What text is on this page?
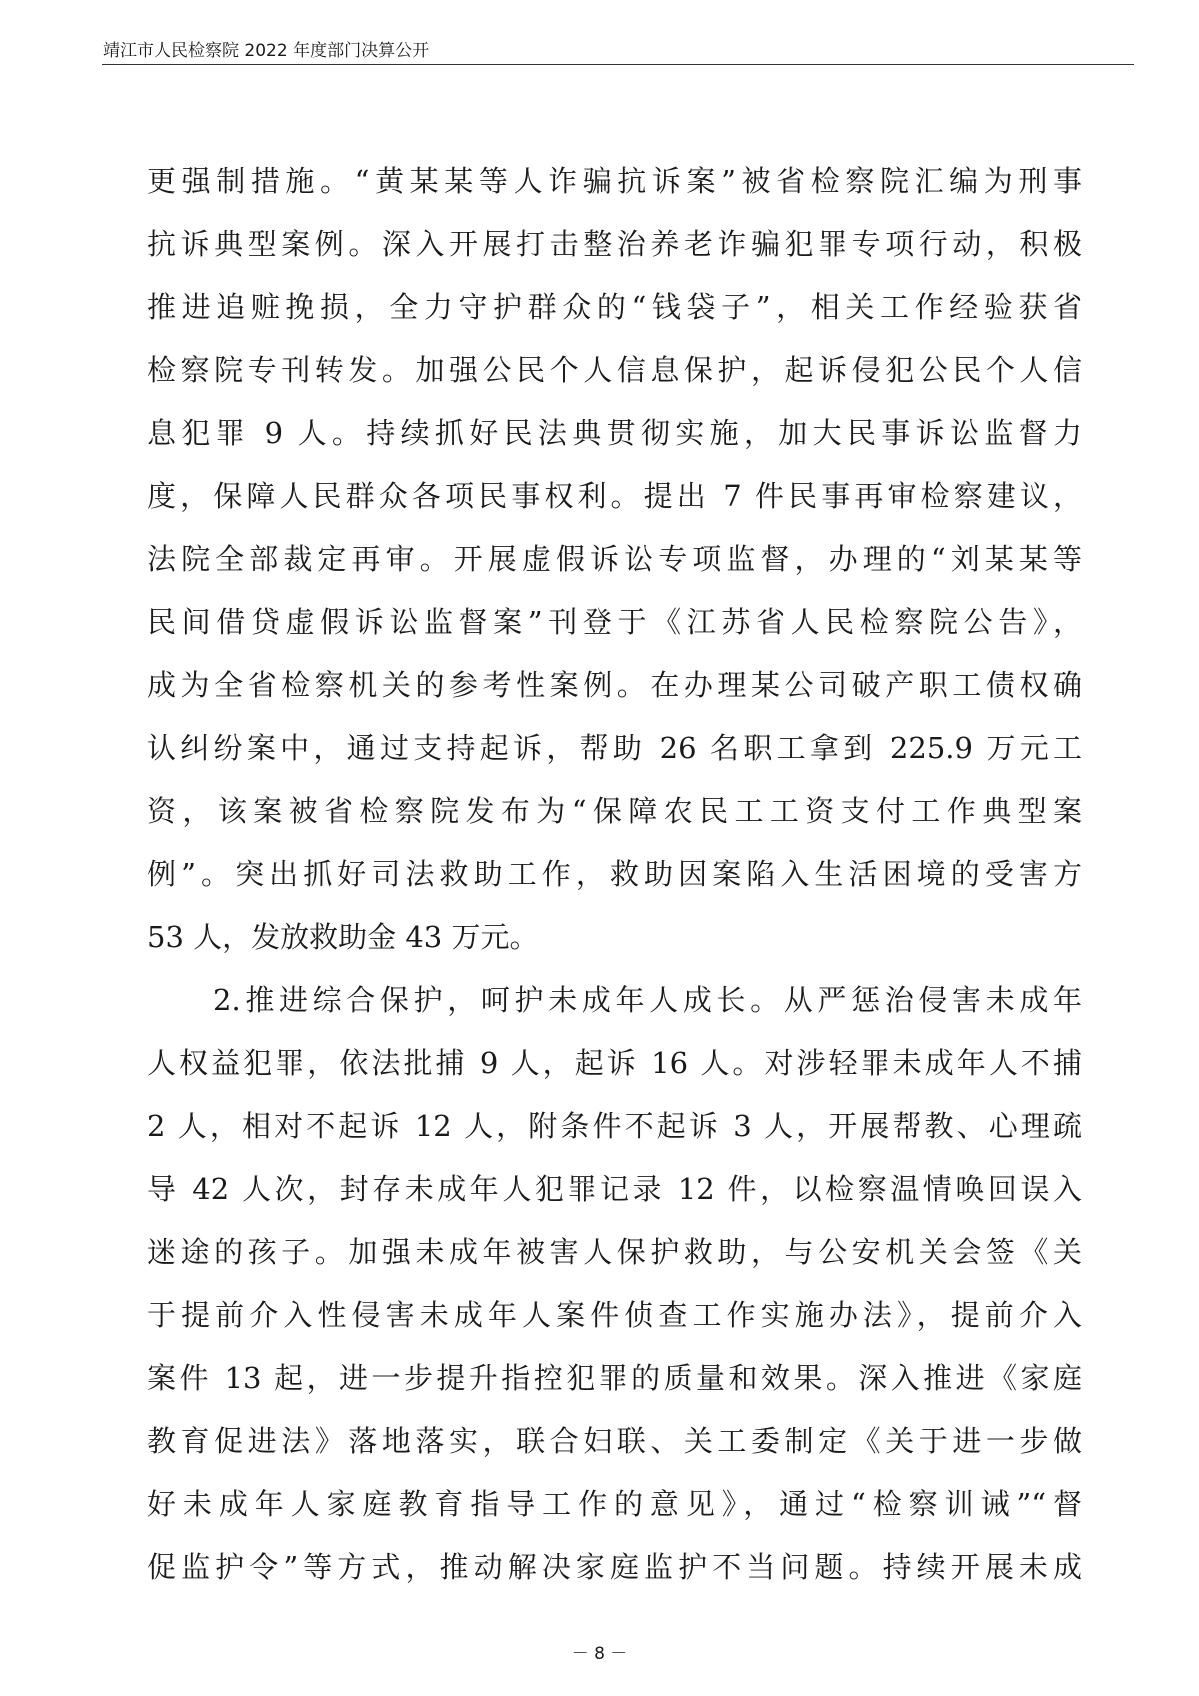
靖江市人民检察院 2022 年度部门决算公开
更强制措施。“黄某某等人诈骗抗诉案”被省检察院汇编为刑事
抗诉典型案例。深入开展打击整治养老诈骗犯罪专项行动，积极
推进追赃挽损，全力守护群众的“钱袋子”，相关工作经验获省
检察院专刊转发。加强公民个人信息保护，起诉侵犯公民个人信
息犯罪 9 人。持续抓好民法典贯彻实施，加大民事诉讼监督力
度，保障人民群众各项民事权利。提出 7 件民事再审检察建议，
法院全部裁定再审。开展虚假诉讼专项监督，办理的“刘某某等
民间借贷虚假诉讼监督案”刊登于《江苏省人民检察院公告》，
成为全省检察机关的参考性案例。在办理某公司破产职工债权确
认纠纷案中，通过支持起诉，帮助 26 名职工拿到 225.9 万元工
资，该案被省检察院发布为“保障农民工工资支付工作典型案
例”。突出抓好司法救助工作，救助因案陷入生活困境的受害方
53 人，发放救助金 43 万元。
2.推进综合保护，呵护未成年人成长。从严惩治侵害未成年
人权益犯罪，依法批捕 9 人，起诉 16 人。对涉轻罪未成年人不捕
2 人，相对不起诉 12 人，附条件不起诉 3 人，开展帮教、心理疏
导 42 人次，封存未成年人犯罪记录 12 件，以检察温情唤回误入
迷途的孩子。加强未成年被害人保护救助，与公安机关会签《关
于提前介入性侵害未成年人案件侦查工作实施办法》，提前介入
案件 13 起，进一步提升指控犯罪的质量和效果。深入推进《家庭
教育促进法》落地落实，联合妇联、关工委制定《关于进一步做
好未成年人家庭教育指导工作的意见》，通过“检察训诫”“督
促监护令”等方式，推动解决家庭监护不当问题。持续开展未成
－ 8 －
